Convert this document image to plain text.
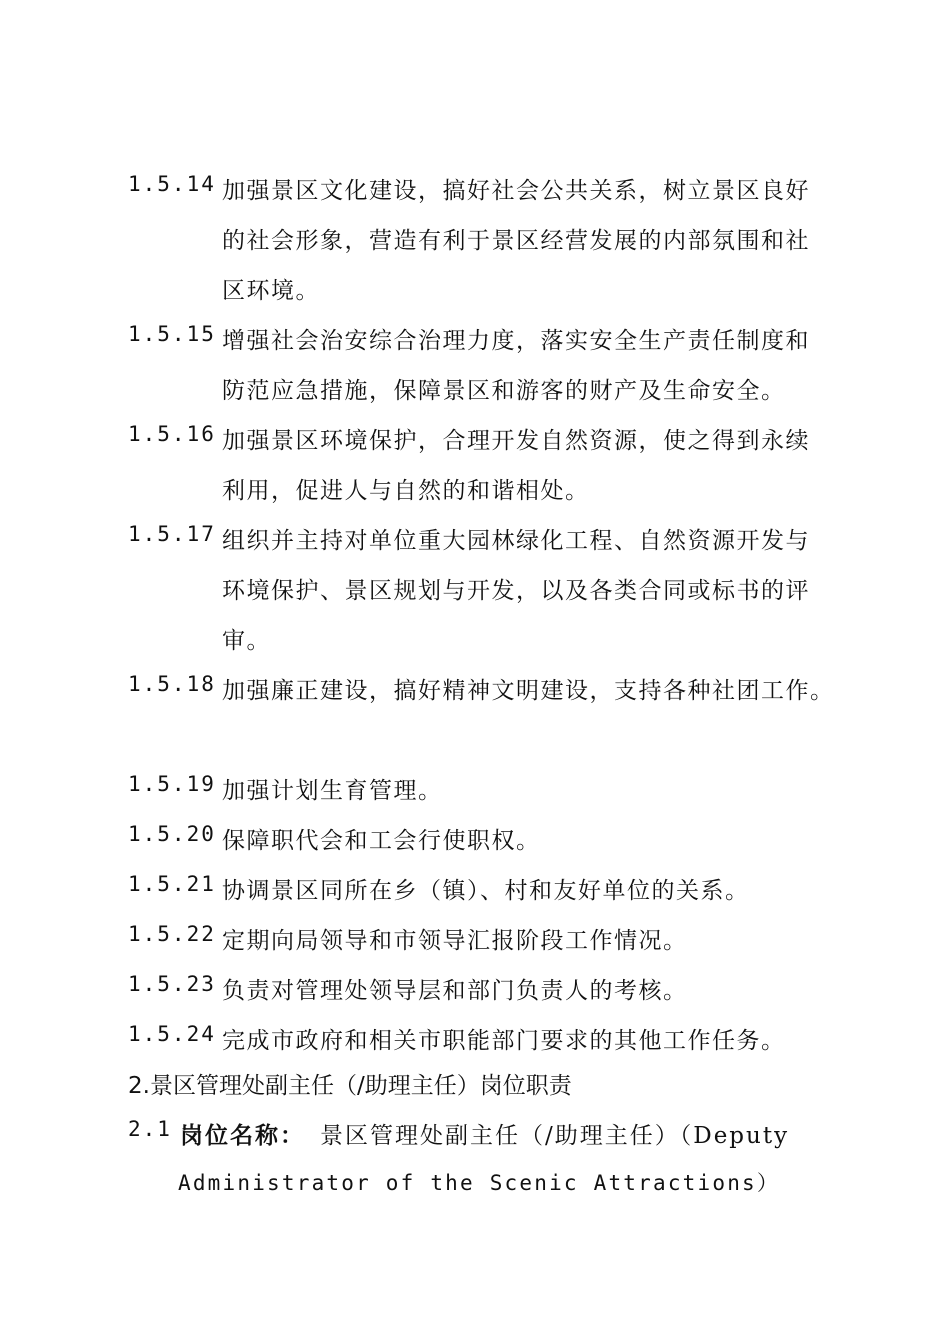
1.5.14 加强景区文化建设，搞好社会公共关系，树立景区良好
的社会形象，营造有利于景区经营发展的内部氛围和社
区环境。
1.5.15 增强社会治安综合治理力度，落实安全生产责任制度和
防范应急措施，保障景区和游客的财产及生命安全。
1.5.16 加强景区环境保护，合理开发自然资源，使之得到永续
利用，促进人与自然的和谐相处。
1.5.17 组织并主持对单位重大园林绿化工程、自然资源开发与
环境保护、景区规划与开发，以及各类合同或标书的评
审。
1.5.18 加强廉正建设，搞好精神文明建设，支持各种社团工作。
1.5.19 加强计划生育管理。
1.5.20 保障职代会和工会行使职权。
1.5.21 协调景区同所在乡（镇）、村和友好单位的关系。
1.5.22 定期向局领导和市领导汇报阶段工作情况。
1.5.23 负责对管理处领导层和部门负责人的考核。
1.5.24 完成市政府和相关市职能部门要求的其他工作任务。
2.景区管理处副主任（/助理主任）岗位职责
2.1 岗位名称： 景区管理处副主任（/助理主任）（Deputy
Administrator of the Scenic Attractions）
